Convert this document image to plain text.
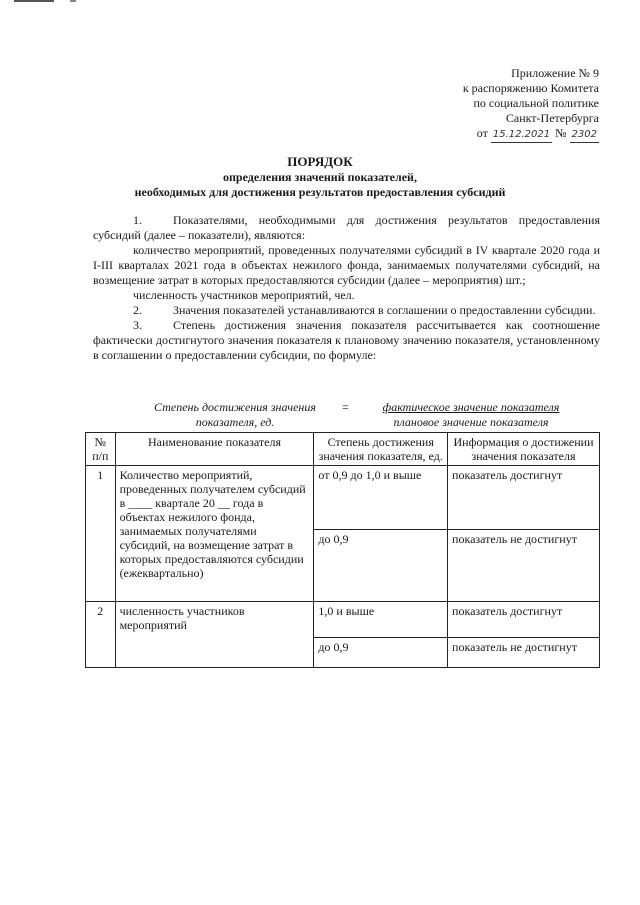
Приложение № 9
к распоряжению Комитета
по социальной политике
Санкт-Петербурга
от 15.12.2021 № 2302
ПОРЯДОК
определения значений показателей,
необходимых для достижения результатов предоставления субсидий

1.	Показателями, необходимыми для достижения результатов предоставления субсидий (далее – показатели), являются:

количество мероприятий, проведенных получателями субсидий в IV квартале 2020 года и I-III кварталах 2021 года в объектах нежилого фонда, занимаемых получателями субсидий, на возмещение затрат в которых предоставляются субсидии (далее – мероприятия) шт.;

численность участников мероприятий, чел.

2.	Значения показателей устанавливаются в соглашении о предоставлении субсидии.

3.	Степень достижения значения показателя рассчитывается как соотношение фактически достигнутого значения показателя к плановому значению показателя, установленному в соглашении о предоставлении субсидии, по формуле:

Степень достижения значения
показателя, ед.
=	фактическое значение показателя
плановое значение показателя
№ п/п	Наименование показателя	Степень достижения значения показателя, ед.	Информация о достижении значения показателя
1	Количество мероприятий, проведенных получателем субсидий в ____ квартале 20 __ года в объектах нежилого фонда, занимаемых получателями субсидий, на возмещение затрат в которых предоставляются субсидии (ежеквартально)	от 0,9 до 1,0 и выше	показатель достигнут
		до 0,9	показатель не достигнут
2	численность участников мероприятий	1,0 и выше	показатель достигнут
		до 0,9	показатель не достигнут
